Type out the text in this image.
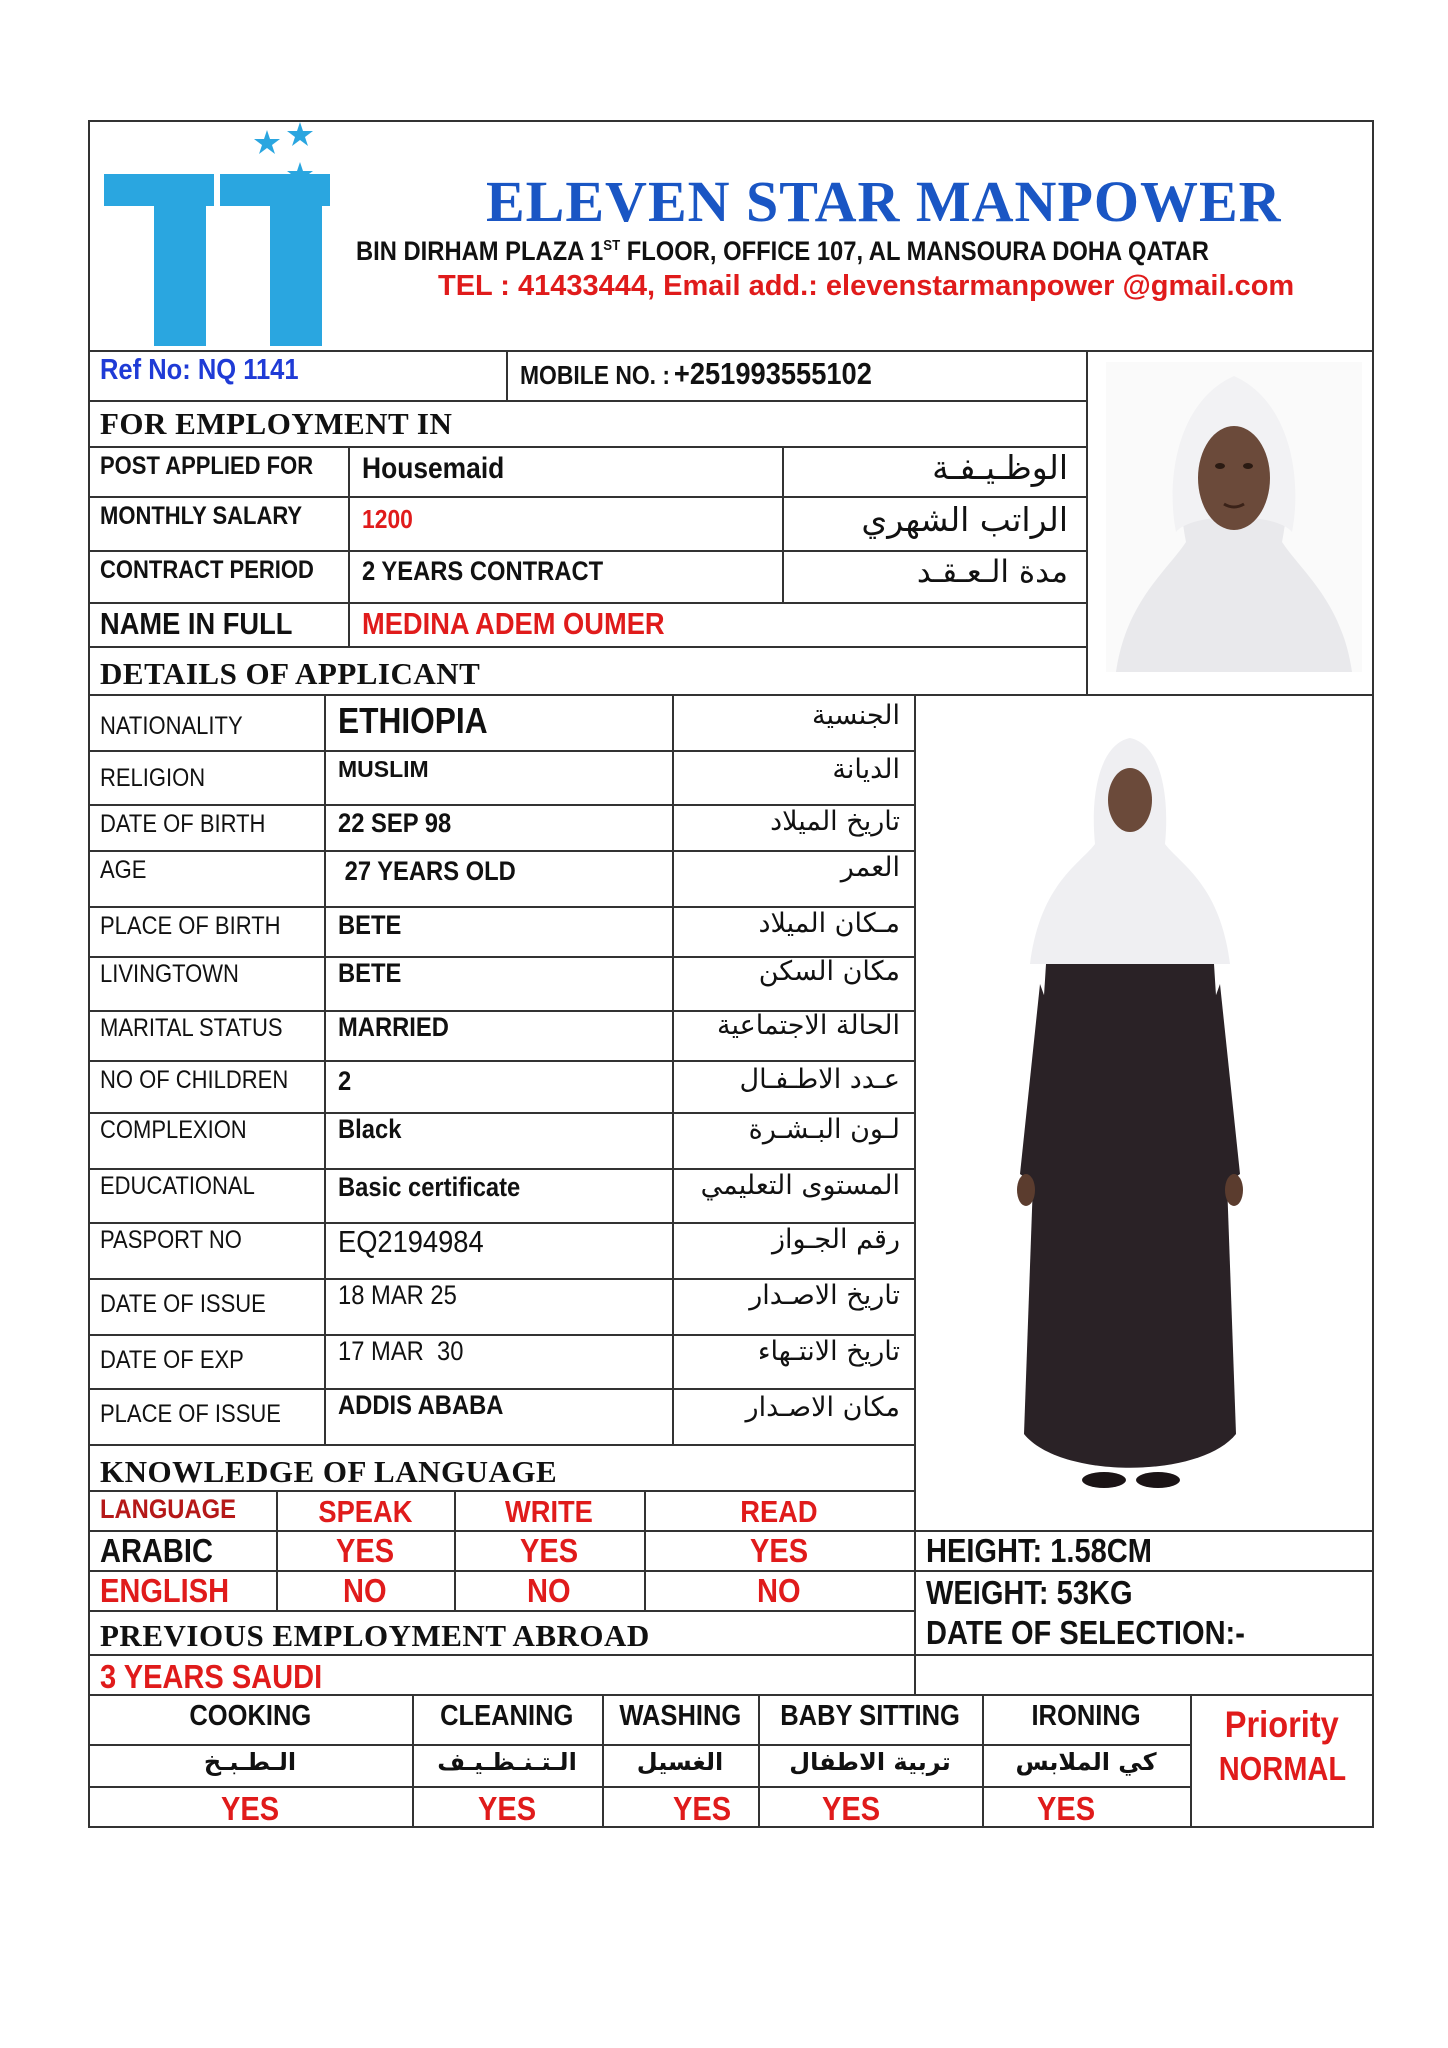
ELEVEN STAR MANPOWER
BIN DIRHAM PLAZA 1ST FLOOR, OFFICE 107, AL MANSOURA DOHA QATAR
TEL : 41433444, Email add.: elevenstarmanpower @gmail.com
Ref No: NQ 1141	MOBILE NO. : +251993555102
FOR EMPLOYMENT IN
POST APPLIED FOR	Housemaid	الوظـيـفـة
MONTHLY SALARY	1200	الراتب الشهري
CONTRACT PERIOD	2 YEARS CONTRACT	مدة الـعـقـد
NAME IN FULL	MEDINA ADEM OUMER
DETAILS OF APPLICANT
NATIONALITY	ETHIOPIA	الجنسية
RELIGION	MUSLIM	الديانة
DATE OF BIRTH	22 SEP 98	تاريخ الميلاد
AGE	27 YEARS OLD	العمر
PLACE OF BIRTH	BETE	مـكان الميلاد
LIVINGTOWN	BETE	مكان السكن
MARITAL STATUS	MARRIED	الحالة الاجتماعية
NO OF CHILDREN	2	عـدد الاطـفـال
COMPLEXION	Black	لـون البـشـرة
EDUCATIONAL	Basic certificate	المستوى التعليمي
PASPORT NO	EQ2194984	رقم الجـواز
DATE OF ISSUE	18 MAR 25	تاريخ الاصـدار
DATE OF EXP	17 MAR  30	تاريخ الانتـهاء
PLACE OF ISSUE	ADDIS ABABA	مكان الاصـدار
KNOWLEDGE OF LANGUAGE
LANGUAGE	SPEAK	WRITE	READ
ARABIC	YES	YES	YES
ENGLISH	NO	NO	NO
HEIGHT: 1.58CM
WEIGHT: 53KG
DATE OF SELECTION:-
PREVIOUS EMPLOYMENT ABROAD
3 YEARS SAUDI
COOKING	CLEANING	WASHING	BABY SITTING	IRONING
الـطـبـخ	الـتـنـظـيـف	الغسيل	تربية الاطفال	كي الملابس
YES	YES	YES	YES	YES
Priority
NORMAL
